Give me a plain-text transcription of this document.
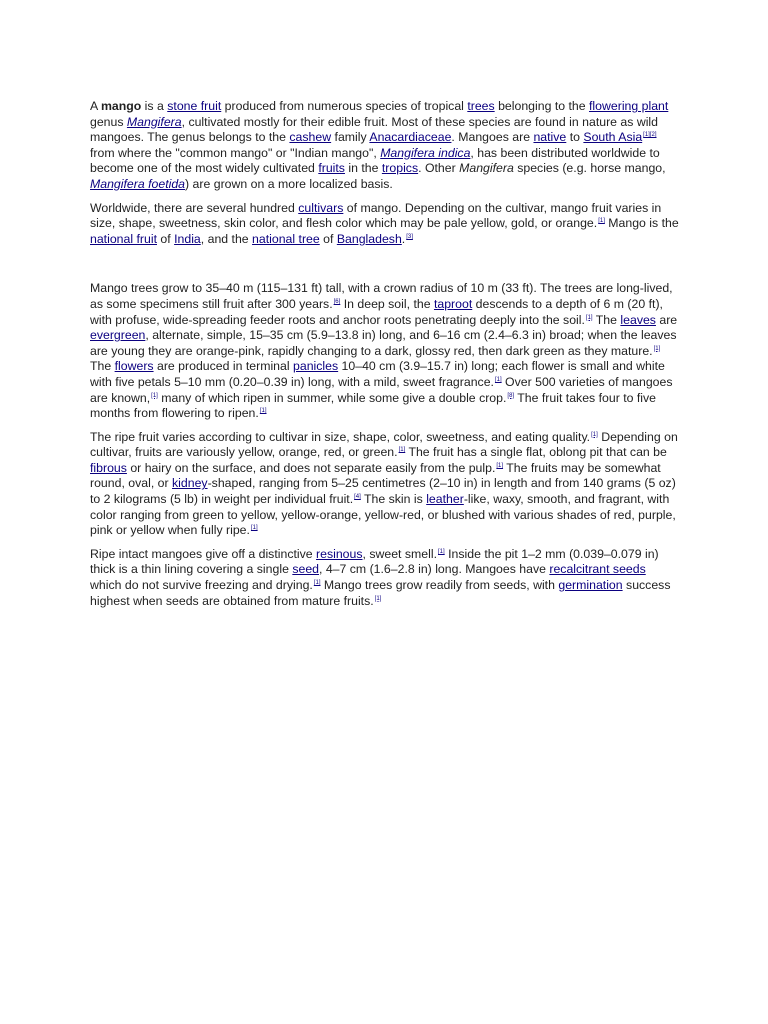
A mango is a stone fruit produced from numerous species of tropical trees belonging to the flowering plant genus Mangifera, cultivated mostly for their edible fruit. Most of these species are found in nature as wild mangoes. The genus belongs to the cashew family Anacardiaceae. Mangoes are native to South Asia[1][2] from where the "common mango" or "Indian mango", Mangifera indica, has been distributed worldwide to become one of the most widely cultivated fruits in the tropics. Other Mangifera species (e.g. horse mango, Mangifera foetida) are grown on a more localized basis.

Worldwide, there are several hundred cultivars of mango. Depending on the cultivar, mango fruit varies in size, shape, sweetness, skin color, and flesh color which may be pale yellow, gold, or orange.[1] Mango is the national fruit of India, and the national tree of Bangladesh.[3]

Mango trees grow to 35–40 m (115–131 ft) tall, with a crown radius of 10 m (33 ft). The trees are long-lived, as some specimens still fruit after 300 years.[6] In deep soil, the taproot descends to a depth of 6 m (20 ft), with profuse, wide-spreading feeder roots and anchor roots penetrating deeply into the soil.[1] The leaves are evergreen, alternate, simple, 15–35 cm (5.9–13.8 in) long, and 6–16 cm (2.4–6.3 in) broad; when the leaves are young they are orange-pink, rapidly changing to a dark, glossy red, then dark green as they mature.[1] The flowers are produced in terminal panicles 10–40 cm (3.9–15.7 in) long; each flower is small and white with five petals 5–10 mm (0.20–0.39 in) long, with a mild, sweet fragrance.[1] Over 500 varieties of mangoes are known,[1] many of which ripen in summer, while some give a double crop.[8] The fruit takes four to five months from flowering to ripen.[1]

The ripe fruit varies according to cultivar in size, shape, color, sweetness, and eating quality.[1] Depending on cultivar, fruits are variously yellow, orange, red, or green.[1] The fruit has a single flat, oblong pit that can be fibrous or hairy on the surface, and does not separate easily from the pulp.[1] The fruits may be somewhat round, oval, or kidney-shaped, ranging from 5–25 centimetres (2–10 in) in length and from 140 grams (5 oz) to 2 kilograms (5 lb) in weight per individual fruit.[4] The skin is leather-like, waxy, smooth, and fragrant, with color ranging from green to yellow, yellow-orange, yellow-red, or blushed with various shades of red, purple, pink or yellow when fully ripe.[1]

Ripe intact mangoes give off a distinctive resinous, sweet smell.[1] Inside the pit 1–2 mm (0.039–0.079 in) thick is a thin lining covering a single seed, 4–7 cm (1.6–2.8 in) long. Mangoes have recalcitrant seeds which do not survive freezing and drying.[1] Mango trees grow readily from seeds, with germination success highest when seeds are obtained from mature fruits.[1]
